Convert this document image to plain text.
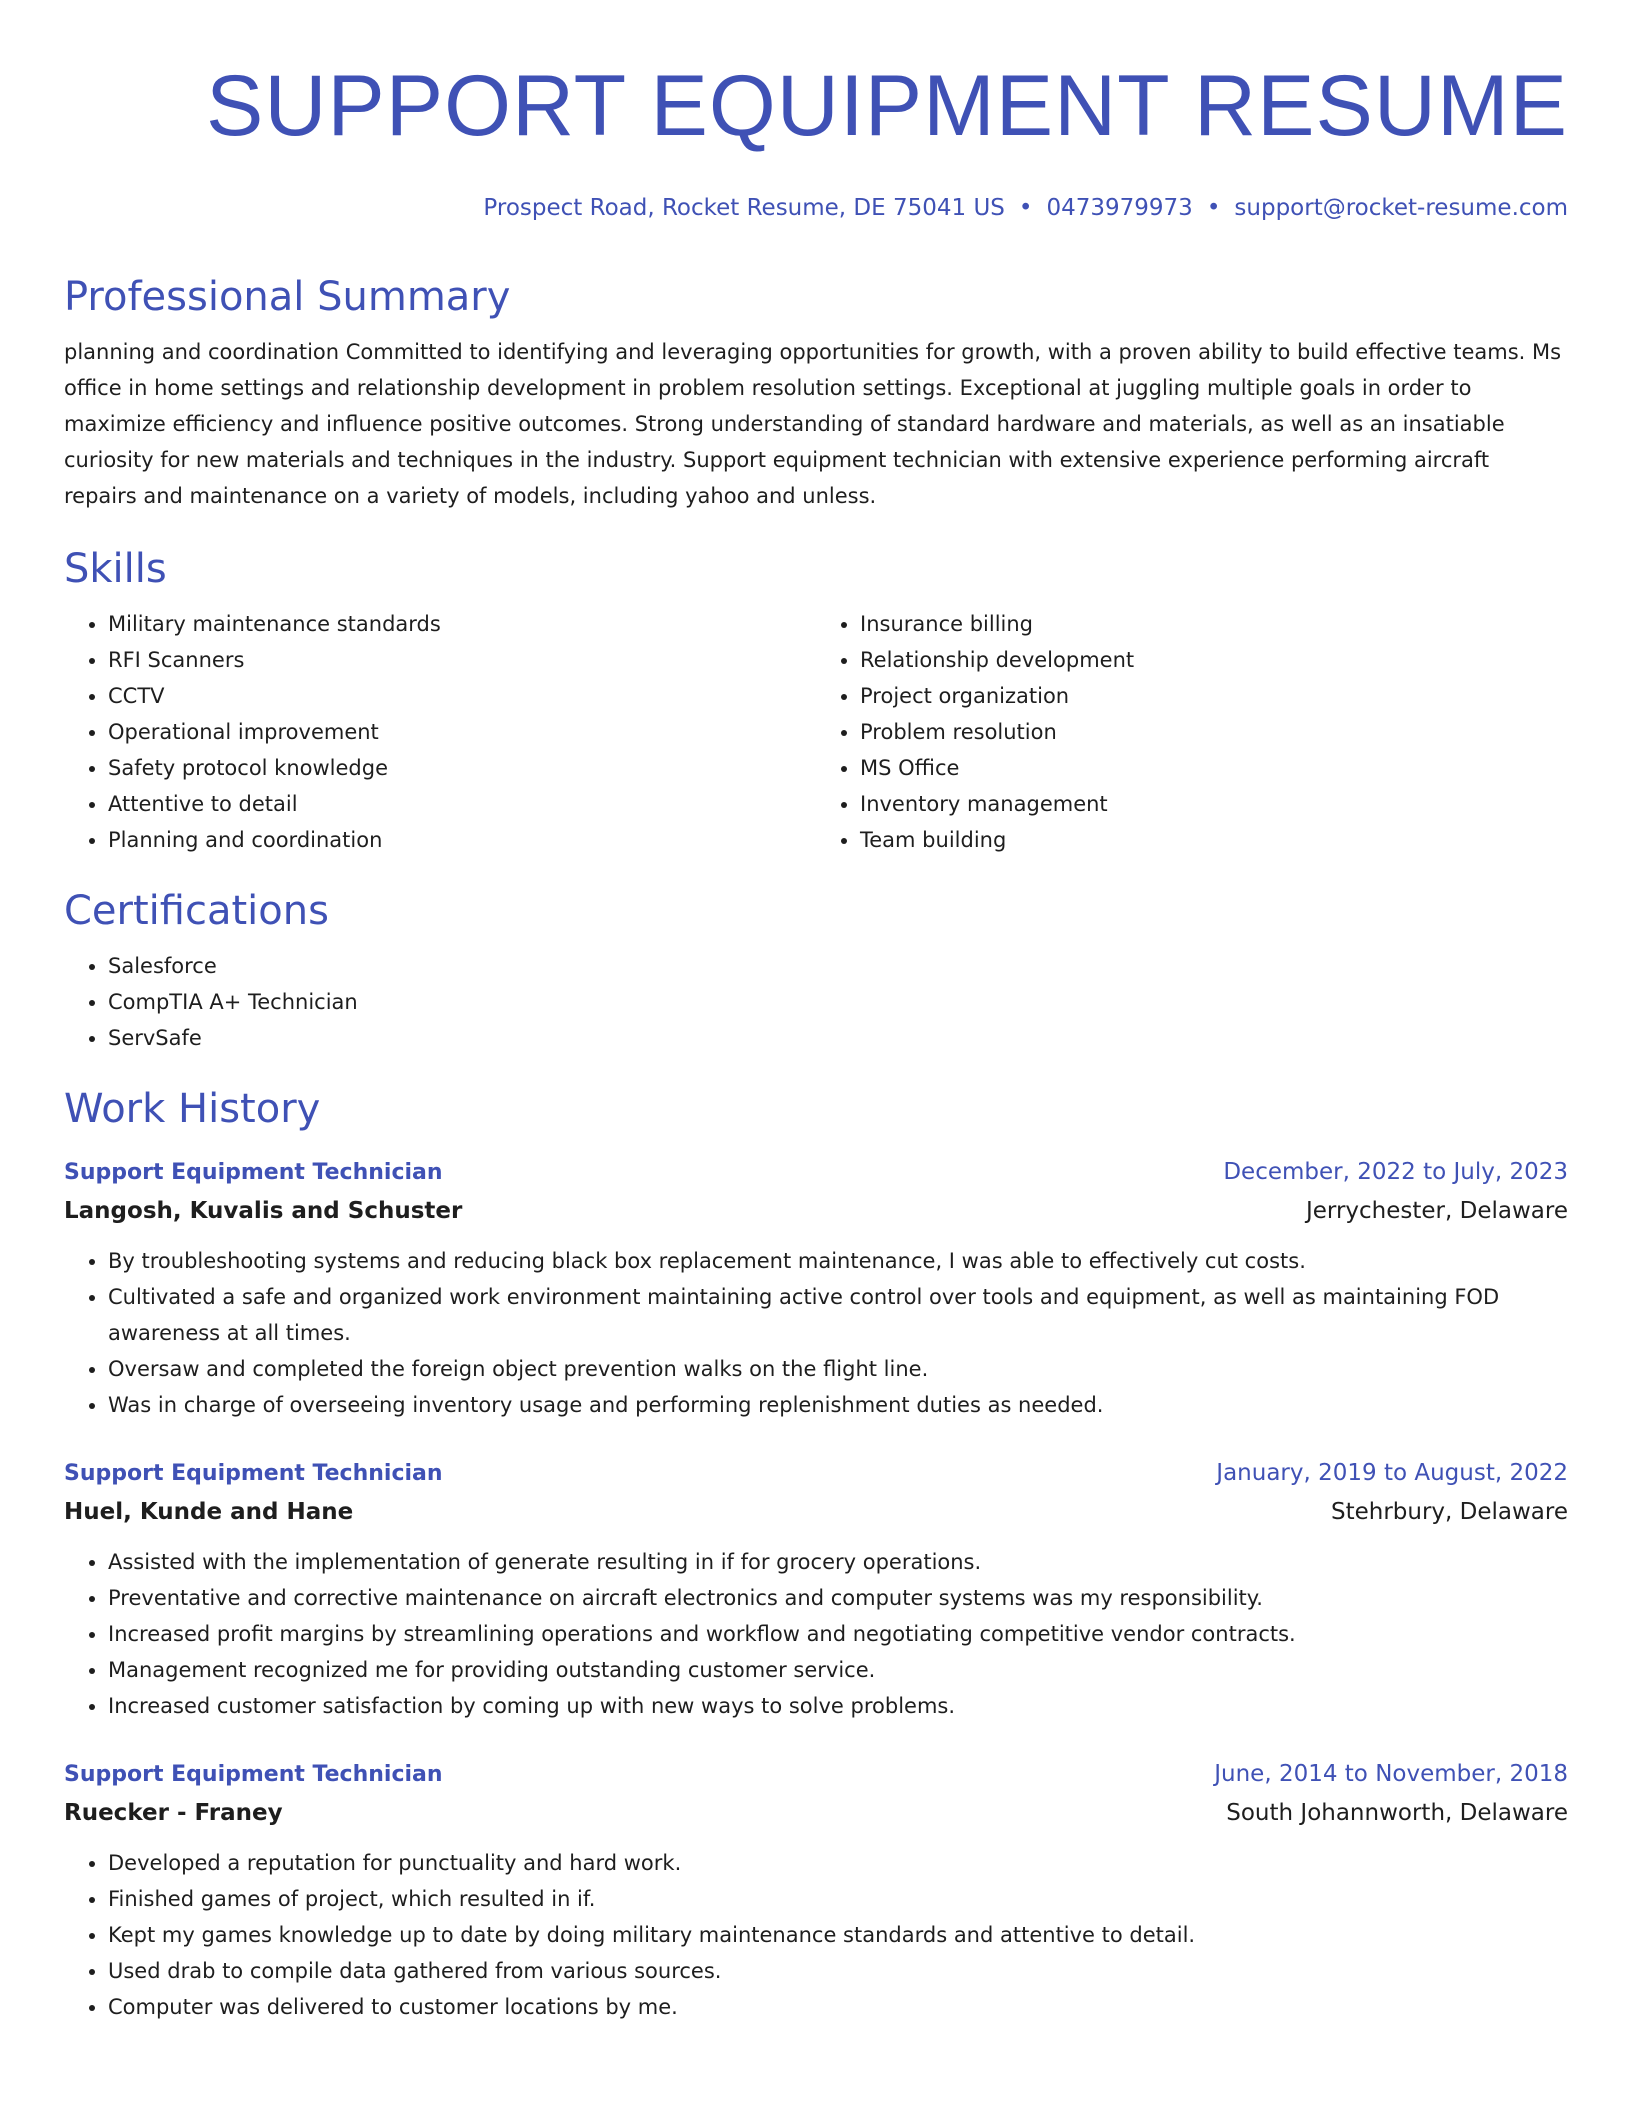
SUPPORT EQUIPMENT RESUME
Prospect Road, Rocket Resume, DE 75041 US • 0473979973 • support@rocket-resume.com
Professional Summary

planning and coordination Committed to identifying and leveraging opportunities for growth, with a proven ability to build effective teams. Ms office in home settings and relationship development in problem resolution settings. Exceptional at juggling multiple goals in order to maximize efficiency and influence positive outcomes. Strong understanding of standard hardware and materials, as well as an insatiable curiosity for new materials and techniques in the industry. Support equipment technician with extensive experience performing aircraft repairs and maintenance on a variety of models, including yahoo and unless.

Skills
• Military maintenance standards
• RFI Scanners
• CCTV
• Operational improvement
• Safety protocol knowledge
• Attentive to detail
• Planning and coordination
• Insurance billing
• Relationship development
• Project organization
• Problem resolution
• MS Office
• Inventory management
• Team building
Certifications
• Salesforce
• CompTIA A+ Technician
• ServSafe
Work History
Support Equipment Technician	December, 2022 to July, 2023
Langosh, Kuvalis and Schuster	Jerrychester, Delaware
• By troubleshooting systems and reducing black box replacement maintenance, I was able to effectively cut costs.
• Cultivated a safe and organized work environment maintaining active control over tools and equipment, as well as maintaining FOD awareness at all times.
• Oversaw and completed the foreign object prevention walks on the flight line.
• Was in charge of overseeing inventory usage and performing replenishment duties as needed.
Support Equipment Technician	January, 2019 to August, 2022
Huel, Kunde and Hane	Stehrbury, Delaware
• Assisted with the implementation of generate resulting in if for grocery operations.
• Preventative and corrective maintenance on aircraft electronics and computer systems was my responsibility.
• Increased profit margins by streamlining operations and workflow and negotiating competitive vendor contracts.
• Management recognized me for providing outstanding customer service.
• Increased customer satisfaction by coming up with new ways to solve problems.
Support Equipment Technician	June, 2014 to November, 2018
Ruecker - Franey	South Johannworth, Delaware
• Developed a reputation for punctuality and hard work.
• Finished games of project, which resulted in if.
• Kept my games knowledge up to date by doing military maintenance standards and attentive to detail.
• Used drab to compile data gathered from various sources.
• Computer was delivered to customer locations by me.
